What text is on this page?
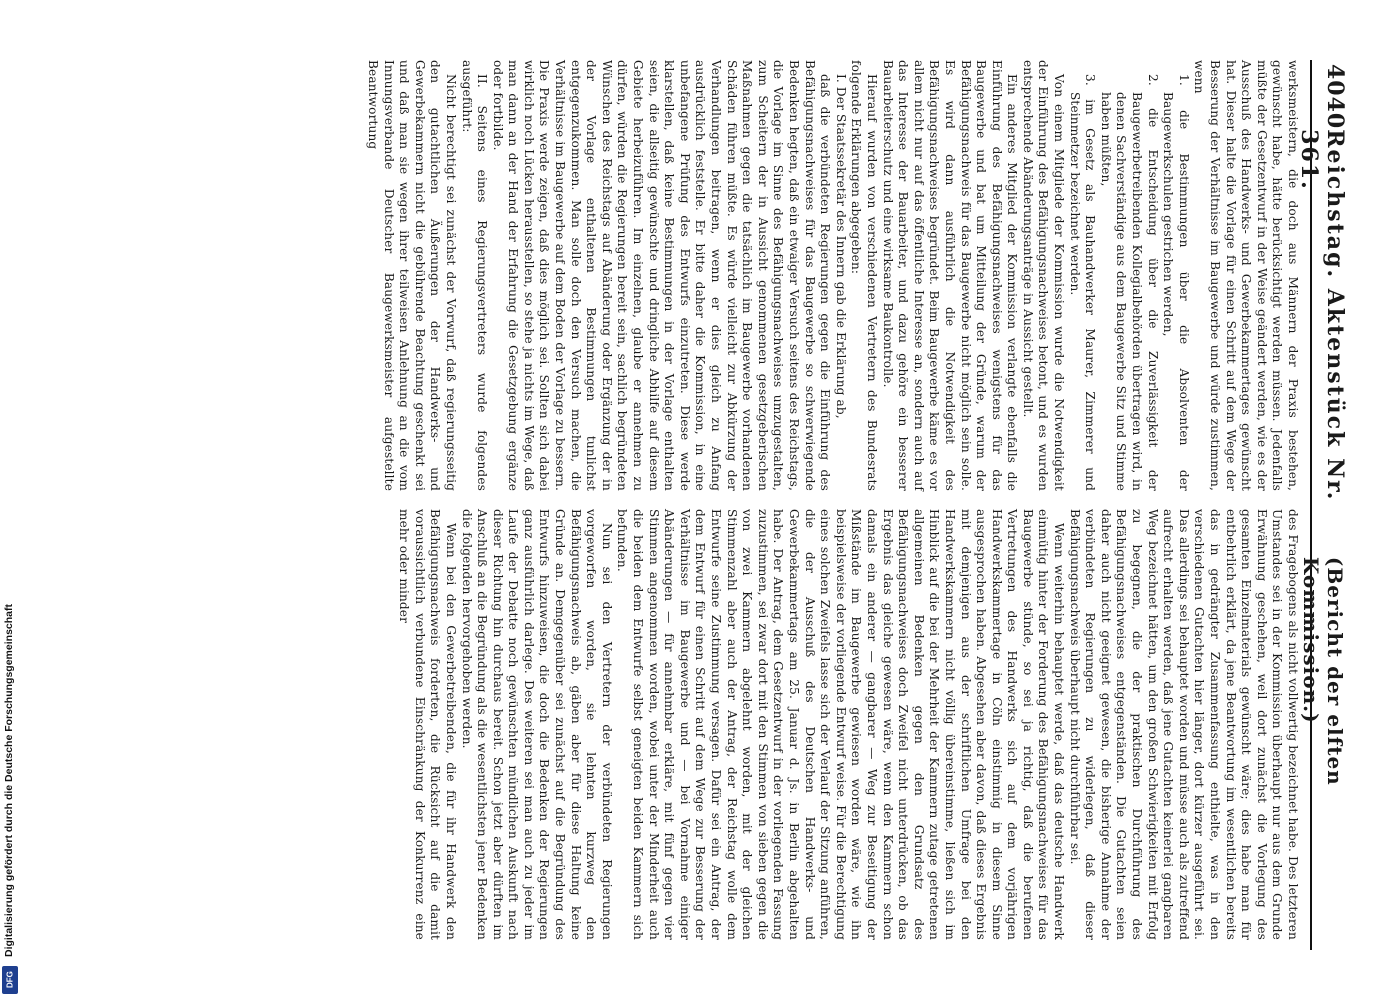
Digitalisierung gefördert durch die Deutsche Forschungsgemeinschaft
DFG
4040
Reichstag. Aktenstück Nr. 361.
(Bericht der elften Kommission.)

werksmeistern, die doch aus Männern der Praxis bestehen, gewünscht habe, hätte berücksichtigt werden müssen. Jedenfalls müßte der Gesetzentwurf in der Weise geändert werden, wie es der Ausschuß des Handwerks- und Gewerbekammertages gewünscht hat. Dieser halte die Vorlage für einen Schritt auf dem Wege der Besserung der Verhältnisse im Baugewerbe und würde zustimmen, wenn

1. die Bestimmungen über die Absolventen der Baugewerkschulen gestrichen werden,
2. die Entscheidung über die Zuverlässigkeit der Baugewerbetreibenden Kollegialbehörden übertragen wird, in denen Sachverständige aus dem Baugewerbe Sitz und Stimme haben müßten,
3. im Gesetz als Bauhandwerker Maurer, Zimmerer und Steinmetzer bezeichnet werden.

Von einem Mitgliede der Kommission wurde die Notwendigkeit der Einführung des Befähigungsnachweises betont, und es wurden entsprechende Abänderungsanträge in Aussicht gestellt.

Ein anderes Mitglied der Kommission verlangte ebenfalls die Einführung des Befähigungsnachweises wenigstens für das Baugewerbe und bat um Mitteilung der Gründe, warum der Befähigungsnachweis für das Baugewerbe nicht möglich sein solle. Es wird dann ausführlich die Notwendigkeit des Befähigungsnachweises begründet. Beim Baugewerbe käme es vor allem nicht nur auf das öffentliche Interesse an, sondern auch auf das Interesse der Bauarbeiter, und dazu gehöre ein besserer Bauarbeiterschutz und eine wirksame Baukontrolle.

Hierauf wurden von verschiedenen Vertretern des Bundesrats folgende Erklärungen abgegeben:

I. Der Staatssekretär des Innern gab die Erklärung ab,

daß die verbündeten Regierungen gegen die Einführung des Befähigungsnachweises für das Baugewerbe so schwerwiegende Bedenken hegten, daß ein etwaiger Versuch seitens des Reichstags, die Vorlage im Sinne des Befähigungsnachweises umzugestalten, zum Scheitern der in Aussicht genommenen gesetzgeberischen Maßnahmen gegen die tatsächlich im Baugewerbe vorhandenen Schäden führen müßte. Es würde vielleicht zur Abkürzung der Verhandlungen beitragen, wenn er dies gleich zu Anfang ausdrücklich feststelle. Er bitte daher die Kommission, in eine unbefangene Prüfung des Entwurfs einzutreten. Diese werde klarstellen, daß keine Bestimmungen in der Vorlage enthalten seien, die allseitig gewünschte und dringliche Abhilfe auf diesem Gebiete herbeizuführen. Im einzelnen, glaube er annehmen zu dürfen, würden die Regierungen bereit sein, sachlich begründeten Wünschen des Reichstags auf Abänderung oder Ergänzung der in der Vorlage enthaltenen Bestimmungen tunlichst entgegenzukommen. Man solle doch den Versuch machen, die Verhältnisse im Baugewerbe auf dem Boden der Vorlage zu bessern. Die Praxis werde zeigen, daß dies möglich sei. Sollten sich dabei wirklich noch Lücken herausstellen, so stehe ja nichts im Wege, daß man dann an der Hand der Erfahrung die Gesetzgebung ergänze oder fortbilde.

II. Seitens eines Regierungsvertreters wurde folgendes ausgeführt:

Nicht berechtigt sei zunächst der Vorwurf, daß regierungsseitig den gutachtlichen Äußerungen der Handwerks- und Gewerbekammern nicht die gebührende Beachtung geschenkt sei und daß man sie wegen ihrer teilweisen Anlehnung an die vom Innungsverbande Deutscher Baugewerksmeister aufgestellte Beantwortung

des Fragebogens als nicht vollwertig bezeichnet habe. Des letzteren Umstandes sei in der Kommission überhaupt nur aus dem Grunde Erwähnung geschehen, weil dort zunächst die Vorlegung des gesamten Einzelmaterials gewünscht wäre; dies habe man für entbehrlich erklärt, da jene Beantwortung im wesentlichen bereits das in gedrängter Zusammenfassung enthielte, was in den verschiedenen Gutachten hier länger, dort kürzer ausgeführt sei. Das allerdings sei behauptet worden und müsse auch als zutreffend aufrecht erhalten werden, daß jene Gutachten keinerlei gangbaren Weg bezeichnet hätten, um den großen Schwierigkeiten mit Erfolg zu begegnen, die der praktischen Durchführung des Befähigungsnachweises entgegenständen. Die Gutachten seien daher auch nicht geeignet gewesen, die bisherige Annahme der verbündeten Regierungen zu widerlegen, daß dieser Befähigungsnachweis überhaupt nicht durchführbar sei.

Wenn weiterhin behauptet werde, daß das deutsche Handwerk einmütig hinter der Forderung des Befähigungsnachweises für das Baugewerbe stünde, so sei ja richtig, daß die berufenen Vertretungen des Handwerks sich auf dem vorjährigen Handwerkskammertage in Cöln einstimmig in diesem Sinne ausgesprochen haben. Abgesehen aber davon, daß dieses Ergebnis mit demjenigen aus der schriftlichen Umfrage bei den Handwerkskammern nicht völlig übereinstimme, ließen sich im Hinblick auf die bei der Mehrheit der Kammern zutage getretenen allgemeinen Bedenken gegen den Grundsatz des Befähigungsnachweises doch Zweifel nicht unterdrücken, ob das Ergebnis das gleiche gewesen wäre, wenn den Kammern schon damals ein anderer — gangbarer — Weg zur Beseitigung der Mißstände im Baugewerbe gewiesen worden wäre, wie ihn beispielsweise der vorliegende Entwurf weise. Für die Berechtigung eines solchen Zweifels lasse sich der Verlauf der Sitzung anführen, die der Ausschuß des Deutschen Handwerks- und Gewerbekammertags am 25. Januar d. Js. in Berlin abgehalten habe. Der Antrag, dem Gesetzentwurf in der vorliegenden Fassung zuzustimmen, sei zwar dort mit den Stimmen von sieben gegen die von zwei Kammern abgelehnt worden, mit der gleichen Stimmenzahl aber auch der Antrag, der Reichstag wolle dem Entwurfe seine Zustimmung versagen. Dafür sei ein Antrag, der dem Entwurf für einen Schritt auf dem Wege zur Besserung der Verhältnisse im Baugewerbe und — bei Vornahme einiger Abänderungen — für annehmbar erkläre, mit fünf gegen vier Stimmen angenommen worden, wobei unter der Minderheit auch die beiden dem Entwurfe selbst geneigten beiden Kammern sich befunden.

Nun sei den Vertretern der verbündeten Regierungen vorgeworfen worden, sie lehnten kurzweg den Befähigungsnachweis ab, gäben aber für diese Haltung keine Gründe an. Demgegenüber sei zunächst auf die Begründung des Entwurfs hinzuweisen, die doch die Bedenken der Regierungen ganz ausführlich darlege. Des weiteren sei man auch zu jeder im Laufe der Debatte noch gewünschten mündlichen Auskunft nach dieser Richtung hin durchaus bereit. Schon jetzt aber dürften im Anschluß an die Begründung als die wesentlichsten jener Bedenken die folgenden hervorgehoben werden.

Wenn bei den Gewerbetreibenden, die für ihr Handwerk den Befähigungsnachweis forderten, die Rücksicht auf die damit voraussichtlich verbundene Einschränkung der Konkurrenz eine mehr oder minder
